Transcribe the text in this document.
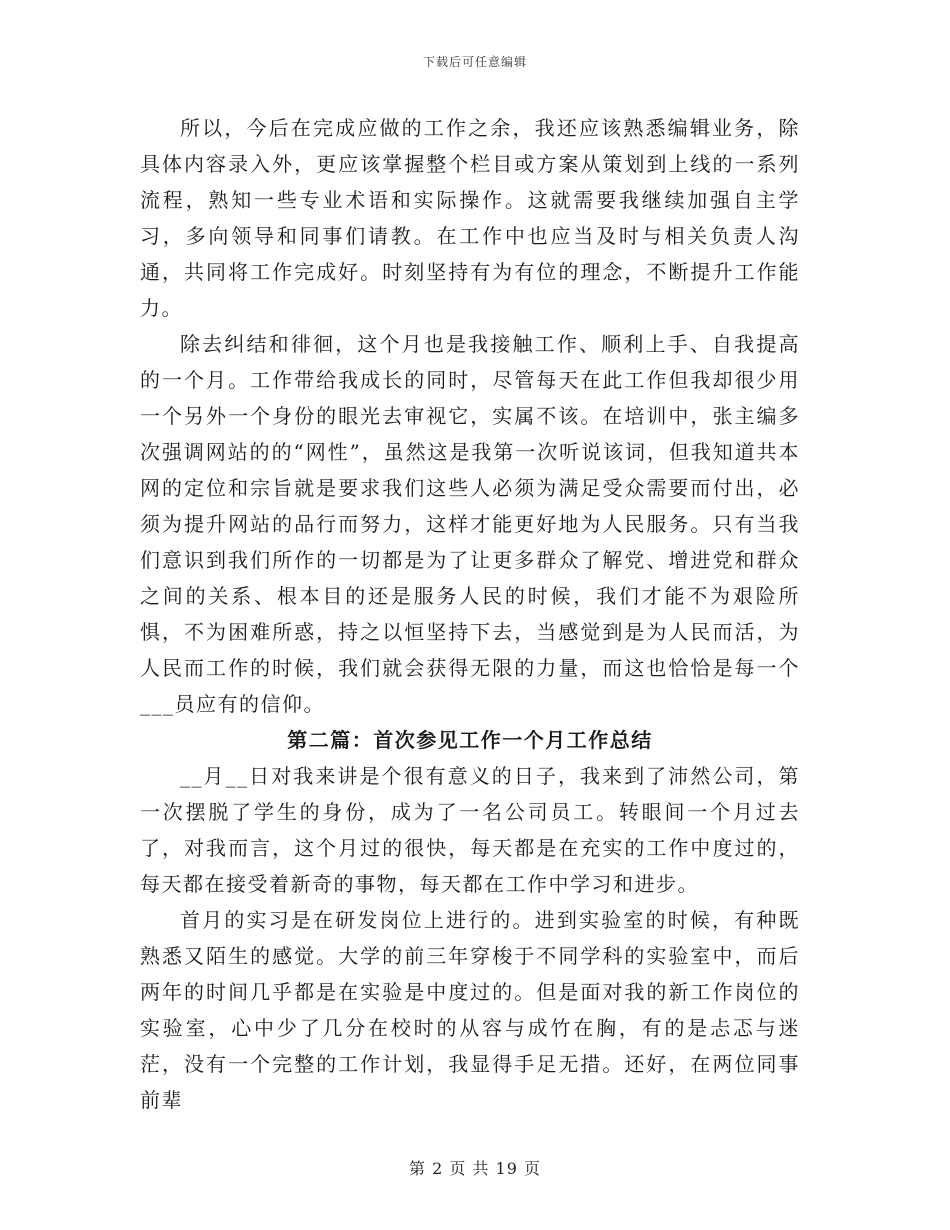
下载后可任意编辑

所以，今后在完成应做的工作之余，我还应该熟悉编辑业务，除具体内容录入外，更应该掌握整个栏目或方案从策划到上线的一系列流程，熟知一些专业术语和实际操作。这就需要我继续加强自主学习，多向领导和同事们请教。在工作中也应当及时与相关负责人沟通，共同将工作完成好。时刻坚持有为有位的理念，不断提升工作能力。

除去纠结和徘徊，这个月也是我接触工作、顺利上手、自我提高的一个月。工作带给我成长的同时，尽管每天在此工作但我却很少用一个另外一个身份的眼光去审视它，实属不该。在培训中，张主编多次强调网站的的“网性”，虽然这是我第一次听说该词，但我知道共本网的定位和宗旨就是要求我们这些人必须为满足受众需要而付出，必须为提升网站的品行而努力，这样才能更好地为人民服务。只有当我们意识到我们所作的一切都是为了让更多群众了解党、增进党和群众之间的关系、根本目的还是服务人民的时候，我们才能不为艰险所惧，不为困难所惑，持之以恒坚持下去，当感觉到是为人民而活，为人民而工作的时候，我们就会获得无限的力量，而这也恰恰是每一个___员应有的信仰。

第二篇：首次参见工作一个月工作总结

__月__日对我来讲是个很有意义的日子，我来到了沛然公司，第一次摆脱了学生的身份，成为了一名公司员工。转眼间一个月过去了，对我而言，这个月过的很快，每天都是在充实的工作中度过的，每天都在接受着新奇的事物，每天都在工作中学习和进步。

首月的实习是在研发岗位上进行的。进到实验室的时候，有种既熟悉又陌生的感觉。大学的前三年穿梭于不同学科的实验室中，而后两年的时间几乎都是在实验是中度过的。但是面对我的新工作岗位的实验室，心中少了几分在校时的从容与成竹在胸，有的是忐忑与迷茫，没有一个完整的工作计划，我显得手足无措。还好，在两位同事前辈

第 2 页 共 19 页
